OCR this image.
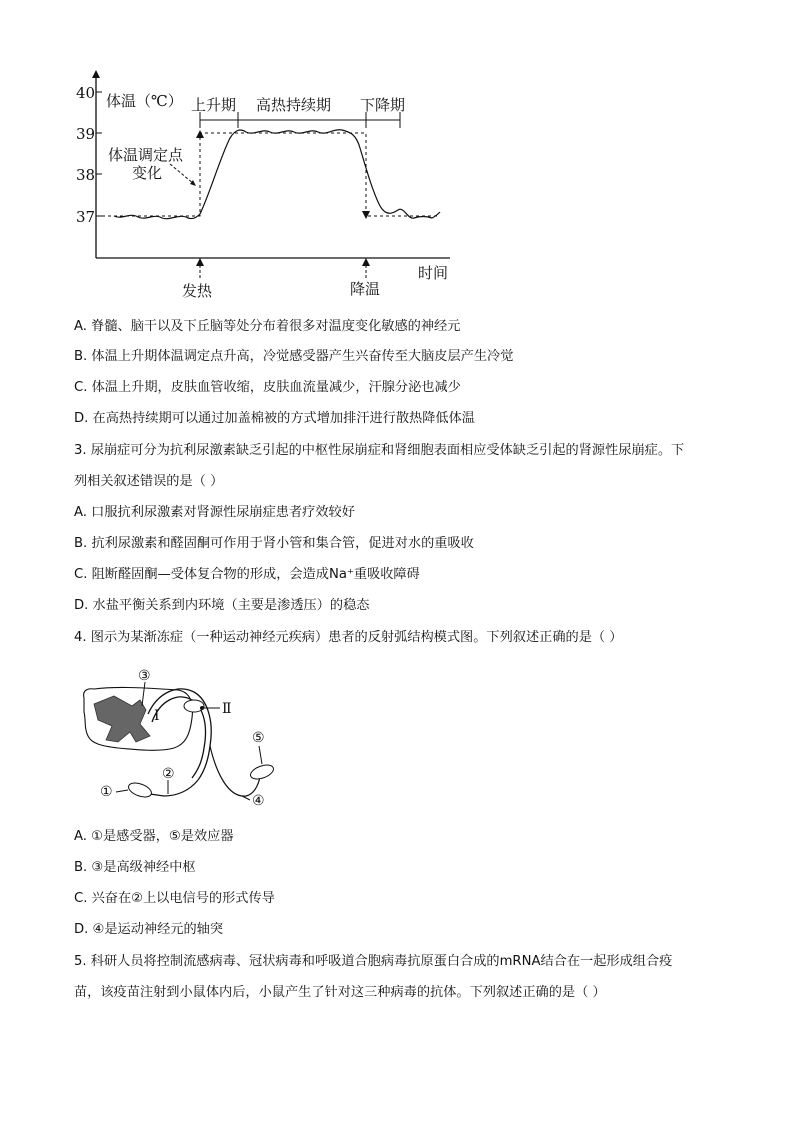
40
39
38
37
体温（℃） 上升期 高热持续期 下降期
体温调定点
变化
发热	降温
时间
A. 脊髓、脑干以及下丘脑等处分布着很多对温度变化敏感的神经元
B. 体温上升期体温调定点升高，冷觉感受器产生兴奋传至大脑皮层产生冷觉
C. 体温上升期，皮肤血管收缩，皮肤血流量减少，汗腺分泌也减少
D. 在高热持续期可以通过加盖棉被的方式增加排汗进行散热降低体温
3. 尿崩症可分为抗利尿激素缺乏引起的中枢性尿崩症和肾细胞表面相应受体缺乏引起的肾源性尿崩症。下
列相关叙述错误的是（ ）
A. 口服抗利尿激素对肾源性尿崩症患者疗效较好
B. 抗利尿激素和醛固酮可作用于肾小管和集合管，促进对水的重吸收
C. 阻断醛固酮—受体复合物的形成，会造成Na⁺重吸收障碍
D. 水盐平衡关系到内环境（主要是渗透压）的稳态
4. 图示为某渐冻症（一种运动神经元疾病）患者的反射弧结构模式图。下列叙述正确的是（ ）
③
Ⅰ	Ⅱ
⑤
②
①
④
A. ①是感受器，⑤是效应器
B. ③是高级神经中枢
C. 兴奋在②上以电信号的形式传导
D. ④是运动神经元的轴突
5. 科研人员将控制流感病毒、冠状病毒和呼吸道合胞病毒抗原蛋白合成的mRNA结合在一起形成组合疫
苗，该疫苗注射到小鼠体内后，小鼠产生了针对这三种病毒的抗体。下列叙述正确的是（ ）
